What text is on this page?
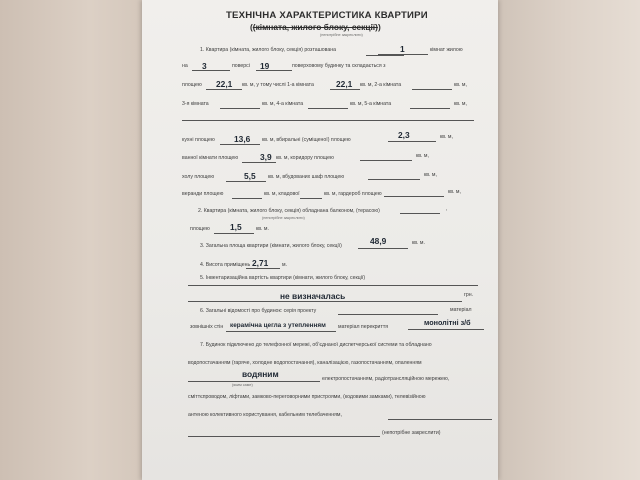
ТЕХНІЧНА ХАРАКТЕРИСТИКА КВАРТИРИ
((кімната, жилого блоку, секції))
(непотрібне закреслити)
1. Квартира (кімната, жилого блоку, секція) розташована	1	кімнат жилою
на 3	поверсі 19	поверховому будинку та складається з
площею 22,1 кв. м, у тому числі 1-а кімната	22,1 кв. м, 2-а кімната	кв. м,
3-я кімната	кв. м, 4-а кімната	кв. м, 5-а кімната	кв. м,
кухні площею 13,6 кв. м, вбиральні (суміщеної) площею	2,3	кв. м,
ванної кімнати площею	3,9 кв. м, коридору площею	кв. м,
холу площею	5,5 кв. м, вбудованих шаф площею	кв. м,
веранди площею	кв. м, кладової	кв. м, гардероб площею	кв. м,
2. Квартира (кімната, жилого блоку, секція) обладнана балконом, (терасою)	,
(непотрібне закреслити)
площею 1,5	кв. м.
3. Загальна площа квартири (кімнати, жилого блоку, секції)	48,9	кв. м.
4. Висота приміщень 2,71	м.
5. Інвентаризаційна вартість квартири (кімнати, жилого блоку, секції)
не визначалась	грн.
6. Загальні відомості про будинок: серія проекту	матеріал
зовнішніх стін керамічна цегла з утепленням матеріал перекриття	монолітні з/б
7. Будинок підключено до телефонної мережі, об’єднаної диспетчерської системи та обладнано
водопостачанням (гаряче, холодне водопостачання), каналізацією, газопостачанням, опаленням
водяним
(яким саме)
електропостачанням, радіотрансляційною мережею,
сміттєпроводом, ліфтами, замково-переговорними пристроями, (кодовими замками), телевізійною
антеною колективного користування, кабельним телебаченням,
(непотрібне закреслити)
